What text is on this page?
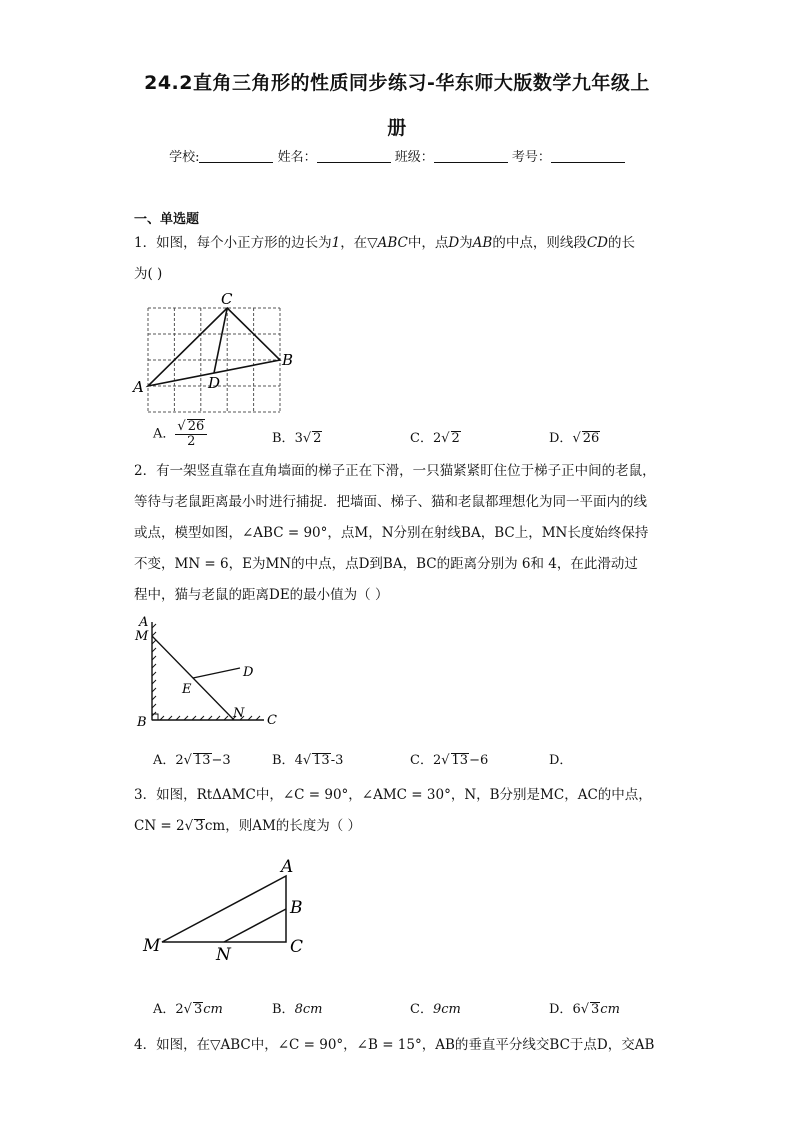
24.2直角三角形的性质同步练习-华东师大版数学九年级上
册
学校:	姓名：	班级：	考号：
一、单选题
1．如图，每个小正方形的边长为1，在▽ABC中，点D为AB的中点，则线段CD的长
为( )
C
B
A	D
A． $\frac{√ 26}{2}$	B．3√ 2	C．2√ 2	D．√ 26
2．有一架竖直靠在直角墙面的梯子正在下滑，一只猫紧紧盯住位于梯子正中间的老鼠，
等待与老鼠距离最小时进行捕捉．把墙面、梯子、猫和老鼠都理想化为同一平面内的线
或点，模型如图，∠ABC = 90°，点M，N分别在射线BA，BC上，MN长度始终保持
不变，MN = 6，E为MN的中点，点D到BA，BC的距离分别为 6和 4，在此滑动过
程中，猫与老鼠的距离DE的最小值为（ ）
A
M
D
E
B
N C
A．2√ 13−3	B．4√ 13-3	C．2√ 13−6	D．
3．如图，RtΔAMC中，∠C = 90°，∠AMC = 30°，N，B分别是MC，AC的中点，
CN = 2√ 3cm，则AM的长度为（ ）
A
B
M	N	C
A．2√ 3cm	B．8cm	C．9cm	D．6√ 3cm
4．如图，在▽ABC中，∠C = 90°，∠B = 15°，AB的垂直平分线交BC于点D，交AB
